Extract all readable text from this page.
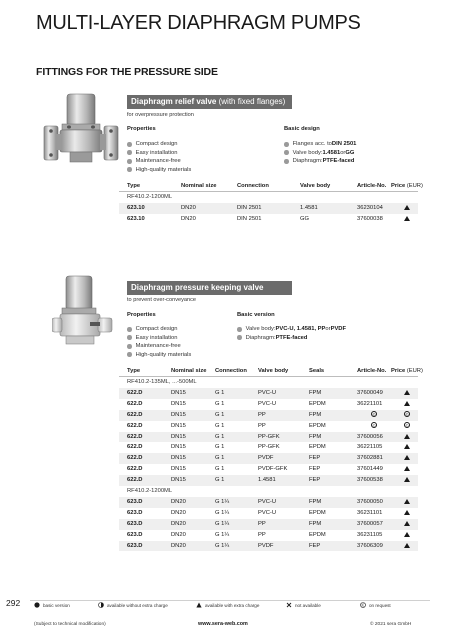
MULTI-LAYER DIAPHRAGM PUMPS
FITTINGS FOR THE PRESSURE SIDE
Diaphragm relief valve (with fixed flanges)
for overpressure protection
Properties
Compact design
Easy installation
Maintenance-free
High-quality materials
Basic design
Flanges acc. to DIN 2501
Valve body: 1.4581 or GG
Diaphragm: PTFE-faced
Type	Nominal size	Connection	Valve body	Article-No. Price (EUR)
RF410.2-1200ML
623.10	DN20	DIN 2501	1.4581	36230104
623.10	DN20	DIN 2501	GG	37600038
Diaphragm pressure keeping valve
to prevent over-conveyance
Properties
Compact design
Easy installation
Maintenance-free
High-quality materials
Basic version
Valve body: PVC-U, 1.4581, PP or PVDF
Diaphragm: PTFE-faced
Type	Nominal size Connection Valve body	Seals	Article-No. Price (EUR)
RF410.2-135ML, ...-500ML
622.D	DN15	G 1	PVC-U	FPM	37600049
622.D	DN15	G 1	PVC-U	EPDM	36221101
622.D	DN15	G 1	PP	FPM	©	©
622.D	DN15	G 1	PP	EPDM	©	©
622.D	DN15	G 1	PP-GFK	FPM	37600056
622.D	DN15	G 1	PP-GFK	EPDM	36221105
622.D	DN15	G 1	PVDF	FEP	37602881
622.D	DN15	G 1	PVDF-GFK	FEP	37601449
622.D	DN15	G 1	1.4581	FEP	37600538
RF410.2-1200ML
623.D	DN20	G 1¼	PVC-U	FPM	37600050
623.D	DN20	G 1¼	PVC-U	EPDM	36231101
623.D	DN20	G 1¼	PP	FPM	37600057
623.D	DN20	G 1¼	PP	EPDM	36231105
623.D	DN20	G 1¼	PVDF	FEP	37606309
292	basic version	available without extra charge	available with extra charge	not available	on request
(Subject to technical modification)	www.sera-web.com	© 2021 sera GmbH
